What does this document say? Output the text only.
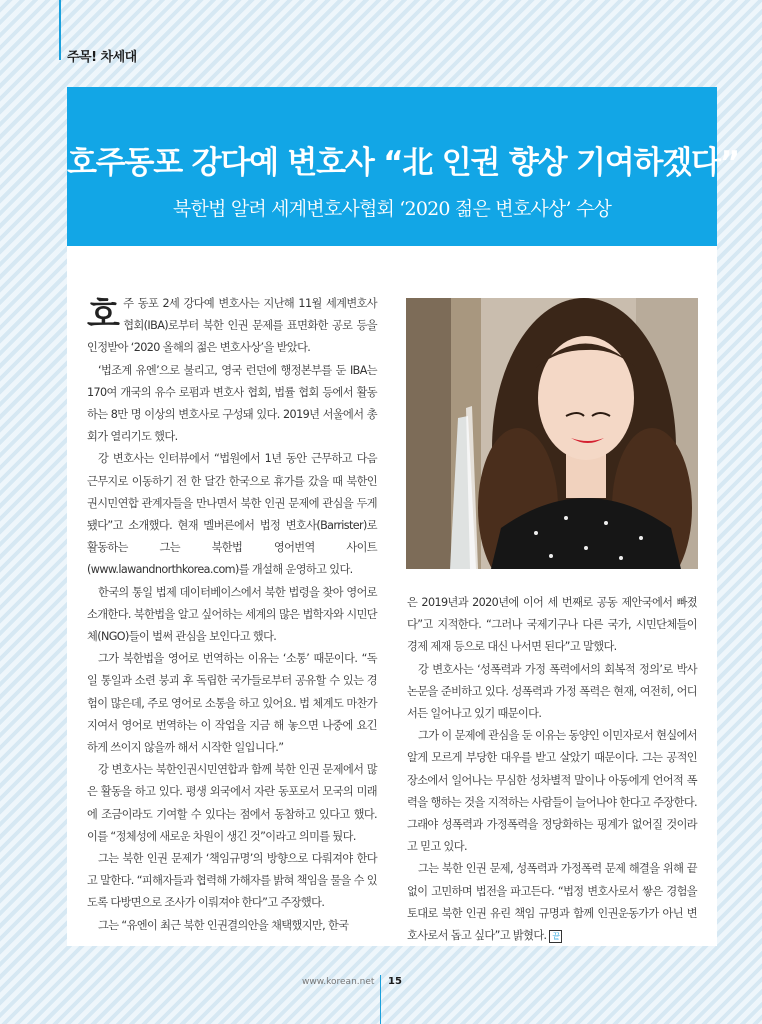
주목! 차세대
호주동포 강다예 변호사 “北 인권 향상 기여하겠다”
북한법 알려 세계변호사협회 ‘2020 젊은 변호사상’ 수상

호주 동포 2세 강다예 변호사는 지난해 11월 세계변호사협회(IBA)로부터 북한 인권 문제를 표면화한 공로 등을 인정받아 ‘2020 올해의 젊은 변호사상’을 받았다.

‘법조계 유엔’으로 불리고, 영국 런던에 행정본부를 둔 IBA는 170여 개국의 유수 로펌과 변호사 협회, 법률 협회 등에서 활동하는 8만 명 이상의 변호사로 구성돼 있다. 2019년 서울에서 총회가 열리기도 했다.

강 변호사는 인터뷰에서 “법원에서 1년 동안 근무하고 다음 근무지로 이동하기 전 한 달간 한국으로 휴가를 갔을 때 북한인권시민연합 관계자들을 만나면서 북한 인권 문제에 관심을 두게 됐다”고 소개했다. 현재 멜버른에서 법정 변호사(Barrister)로 활동하는 그는 북한법 영어번역 사이트(www.lawandnorthkorea.com)를 개설해 운영하고 있다.

한국의 통일 법제 데이터베이스에서 북한 법령을 찾아 영어로 소개한다. 북한법을 알고 싶어하는 세계의 많은 법학자와 시민단체(NGO)들이 벌써 관심을 보인다고 했다.

그가 북한법을 영어로 번역하는 이유는 ‘소통’ 때문이다. “독일 통일과 소련 붕괴 후 독립한 국가들로부터 공유할 수 있는 경험이 많은데, 주로 영어로 소통을 하고 있어요. 법 체계도 마찬가지여서 영어로 번역하는 이 작업을 지금 해 놓으면 나중에 요긴하게 쓰이지 않을까 해서 시작한 일입니다.”

강 변호사는 북한인권시민연합과 함께 북한 인권 문제에서 많은 활동을 하고 있다. 평생 외국에서 자란 동포로서 모국의 미래에 조금이라도 기여할 수 있다는 점에서 동참하고 있다고 했다. 이를 “정체성에 새로운 차원이 생긴 것”이라고 의미를 뒀다.

그는 북한 인권 문제가 ‘책임규명’의 방향으로 다뤄져야 한다고 말한다. “피해자들과 협력해 가해자를 밝혀 책임을 물을 수 있도록 다방면으로 조사가 이뤄져야 한다”고 주장했다.

그는 “유엔이 최근 북한 인권결의안을 채택했지만, 한국

은 2019년과 2020년에 이어 세 번째로 공동 제안국에서 빠졌다”고 지적한다. “그러나 국제기구나 다른 국가, 시민단체들이 경제 제재 등으로 대신 나서면 된다”고 말했다.

강 변호사는 ‘성폭력과 가정 폭력에서의 회복적 정의’로 박사 논문을 준비하고 있다. 성폭력과 가정 폭력은 현재, 여전히, 어디서든 일어나고 있기 때문이다.

그가 이 문제에 관심을 둔 이유는 동양인 이민자로서 현실에서 알게 모르게 부당한 대우를 받고 살았기 때문이다. 그는 공적인 장소에서 일어나는 무심한 성차별적 말이나 아동에게 언어적 폭력을 행하는 것을 지적하는 사람들이 늘어나야 한다고 주장한다. 그래야 성폭력과 가정폭력을 정당화하는 핑계가 없어질 것이라고 믿고 있다.

그는 북한 인권 문제, 성폭력과 가정폭력 문제 해결을 위해 끝없이 고민하며 법전을 파고든다. “법정 변호사로서 쌓은 경험을 토대로 북한 인권 유린 책임 규명과 함께 인권운동가가 아닌 변호사로서 돕고 싶다”고 밝혔다. 끝

www.korean.net 15
